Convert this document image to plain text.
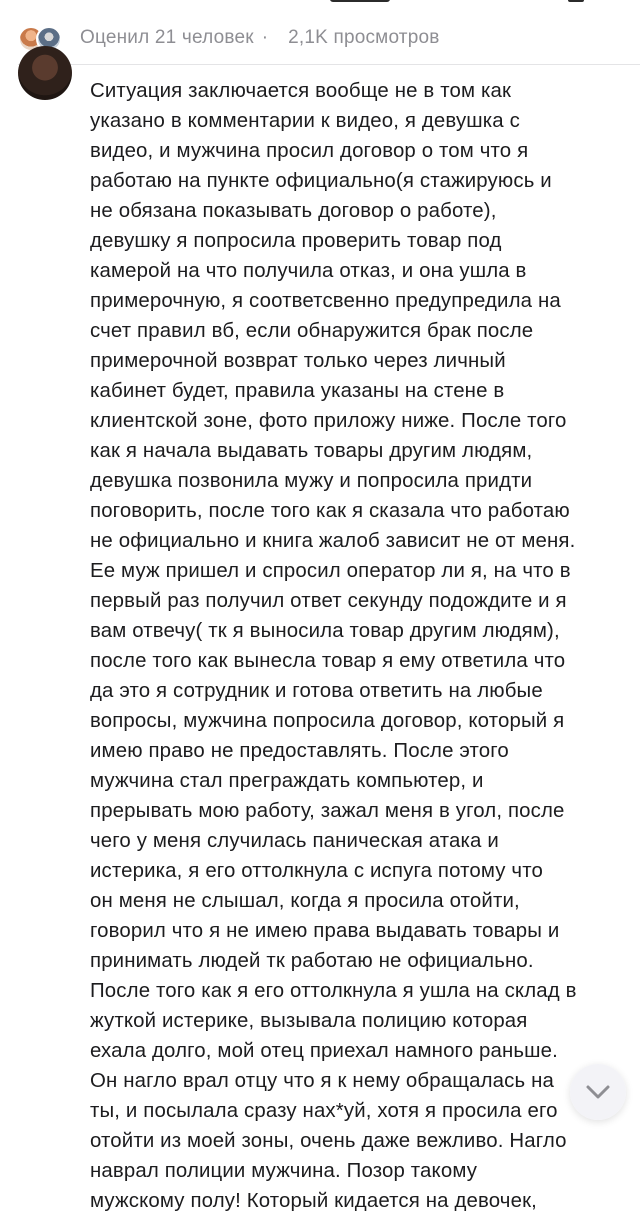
Оценил 21 человек · 2,1K просмотров
Ситуация заключается вообще не в том как
указано в комментарии к видео, я девушка с
видео, и мужчина просил договор о том что я
работаю на пункте официально(я стажируюсь и
не обязана показывать договор о работе),
девушку я попросила проверить товар под
камерой на что получила отказ, и она ушла в
примерочную, я соответсвенно предупредила на
счет правил вб, если обнаружится брак после
примерочной возврат только через личный
кабинет будет, правила указаны на стене в
клиентской зоне, фото приложу ниже. После того
как я начала выдавать товары другим людям,
девушка позвонила мужу и попросила придти
поговорить, после того как я сказала что работаю
не официально и книга жалоб зависит не от меня.
Ее муж пришел и спросил оператор ли я, на что в
первый раз получил ответ секунду подождите и я
вам отвечу( тк я выносила товар другим людям),
после того как вынесла товар я ему ответила что
да это я сотрудник и готова ответить на любые
вопросы, мужчина попросила договор, который я
имею право не предоставлять. После этого
мужчина стал преграждать компьютер, и
прерывать мою работу, зажал меня в угол, после
чего у меня случилась паническая атака и
истерика, я его оттолкнула с испуга потому что
он меня не слышал, когда я просила отойти,
говорил что я не имею права выдавать товары и
принимать людей тк работаю не официально.
После того как я его оттолкнула я ушла на склад в
жуткой истерике, вызывала полицию которая
ехала долго, мой отец приехал намного раньше.
Он нагло врал отцу что я к нему обращалась на
ты, и посылала сразу нах*уй, хотя я просила его
отойти из моей зоны, очень даже вежливо. Нагло
наврал полиции мужчина. Позор такому
мужскому полу! Который кидается на девочек,
